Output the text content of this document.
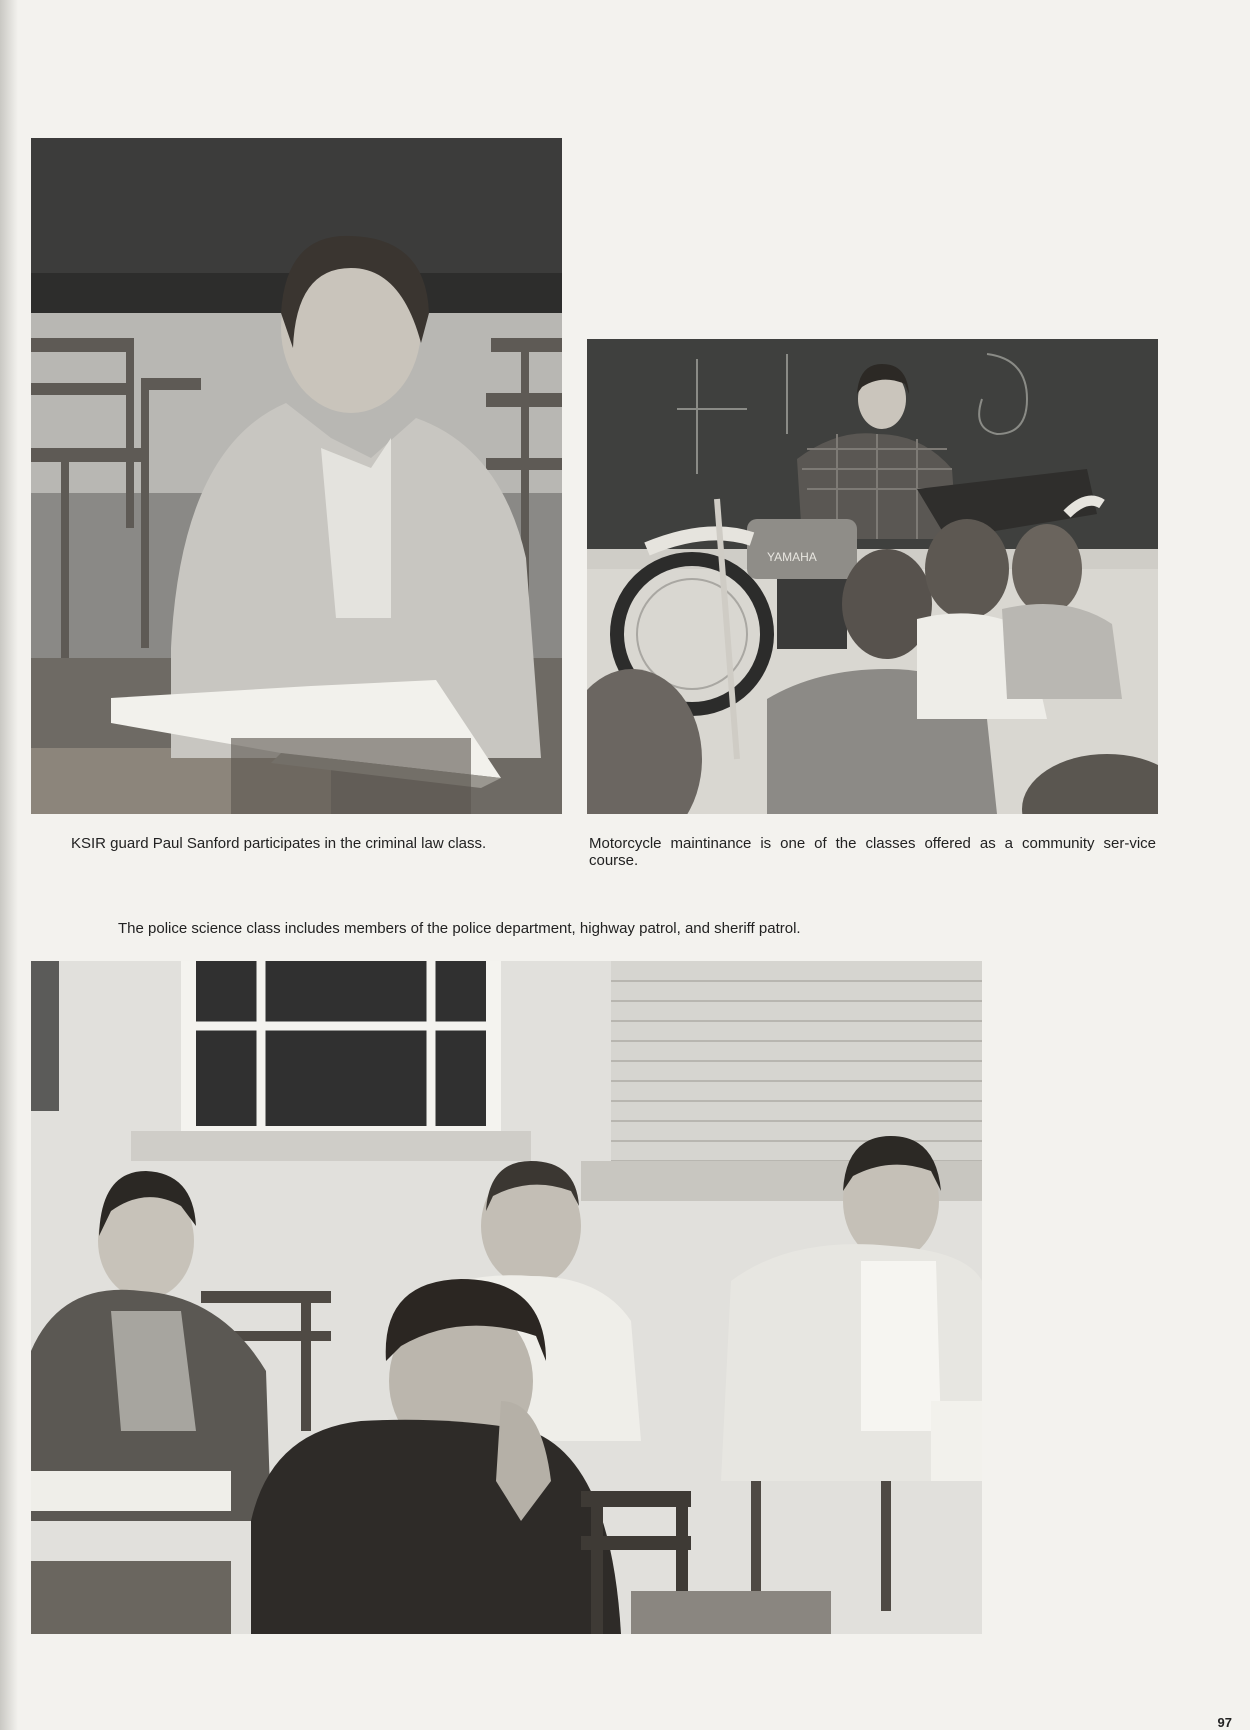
YAMAHA

KSIR guard Paul Sanford participates in the criminal law class.	Motorcycle maintinance is one of the classes offered as a community ser-vice course.

The police science class includes members of the police department, highway patrol, and sheriff patrol.

97
